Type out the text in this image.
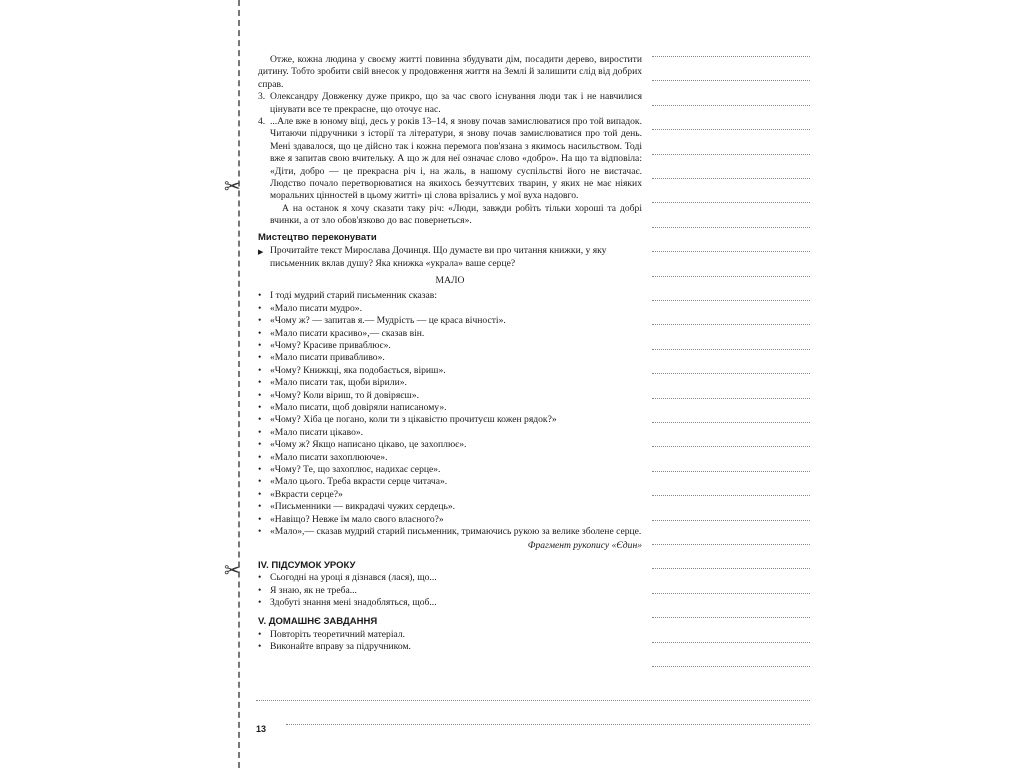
✂
✂

Отже, кожна людина у своєму житті повинна збудувати дім, посадити дерево, виростити дитину. Тобто зробити свій внесок у продовження життя на Землі й залишити слід від добрих справ.

3. Олександру Довженку дуже прикро, що за час свого існування люди так і не навчилися цінувати все те прекрасне, що оточує нас.

4. ...Але вже в юному віці, десь у років 13–14, я знову почав замислюватися про той випадок. Читаючи підручники з історії та літератури, я знову почав замислюватися про той день. Мені здавалося, що це дійсно так і кожна перемога пов'язана з якимось насильством. Тоді вже я запитав свою вчительку. А що ж для неї означає слово «добро». На що та відповіла: «Діти, добро — це прекрасна річ і, на жаль, в нашому суспільстві його не вистачає. Людство почало перетворюватися на якихось безчуттєвих тварин, у яких не має ніяких моральних цінностей в цьому житті» ці слова врізались у мої вуха надовго.

А на останок я хочу сказати таку річ: «Люди, завжди робіть тільки хороші та добрі вчинки, а от зло обов'язково до вас повернеться».

Мистецтво переконувати
▶ Прочитайте текст Мирослава Дочинця. Що думаєте ви про читання книжки, у яку письменник вклав душу? Яка книжка «украла» ваше серце?
МАЛО
• І тоді мудрий старий письменник сказав:
• «Мало писати мудро».
• «Чому ж? — запитав я.— Мудрість — це краса вічності».
• «Мало писати красиво»,— сказав він.
• «Чому? Красиве приваблює».
• «Мало писати привабливо».
• «Чому? Книжкці, яка подобається, віриш».
• «Мало писати так, щоби вірили».
• «Чому? Коли віриш, то й довіряєш».
• «Мало писати, щоб довіряли написаному».
• «Чому? Хіба це погано, коли ти з цікавістю прочитуєш кожен рядок?»
• «Мало писати цікаво».
• «Чому ж? Якщо написано цікаво, це захоплює».
• «Мало писати захоплююче».
• «Чому? Те, що захоплює, надихає серце».
• «Мало цього. Треба вкрасти серце читача».
• «Вкрасти серце?»
• «Письменники — викрадачі чужих сердець».
• «Навіщо? Невже їм мало свого власного?»
• «Мало»,— сказав мудрий старий письменник, тримаючись рукою за велике зболене серце.
Фрагмент рукопису «Єдин»
IV. ПІДСУМОК УРОКУ
• Сьогодні на уроці я дізнався (лася), що...
• Я знаю, як не треба...
• Здобуті знання мені знадобляться, щоб...
V. ДОМАШНЄ ЗАВДАННЯ
• Повторіть теоретичний матеріал.
• Виконайте вправу за підручником.
13
